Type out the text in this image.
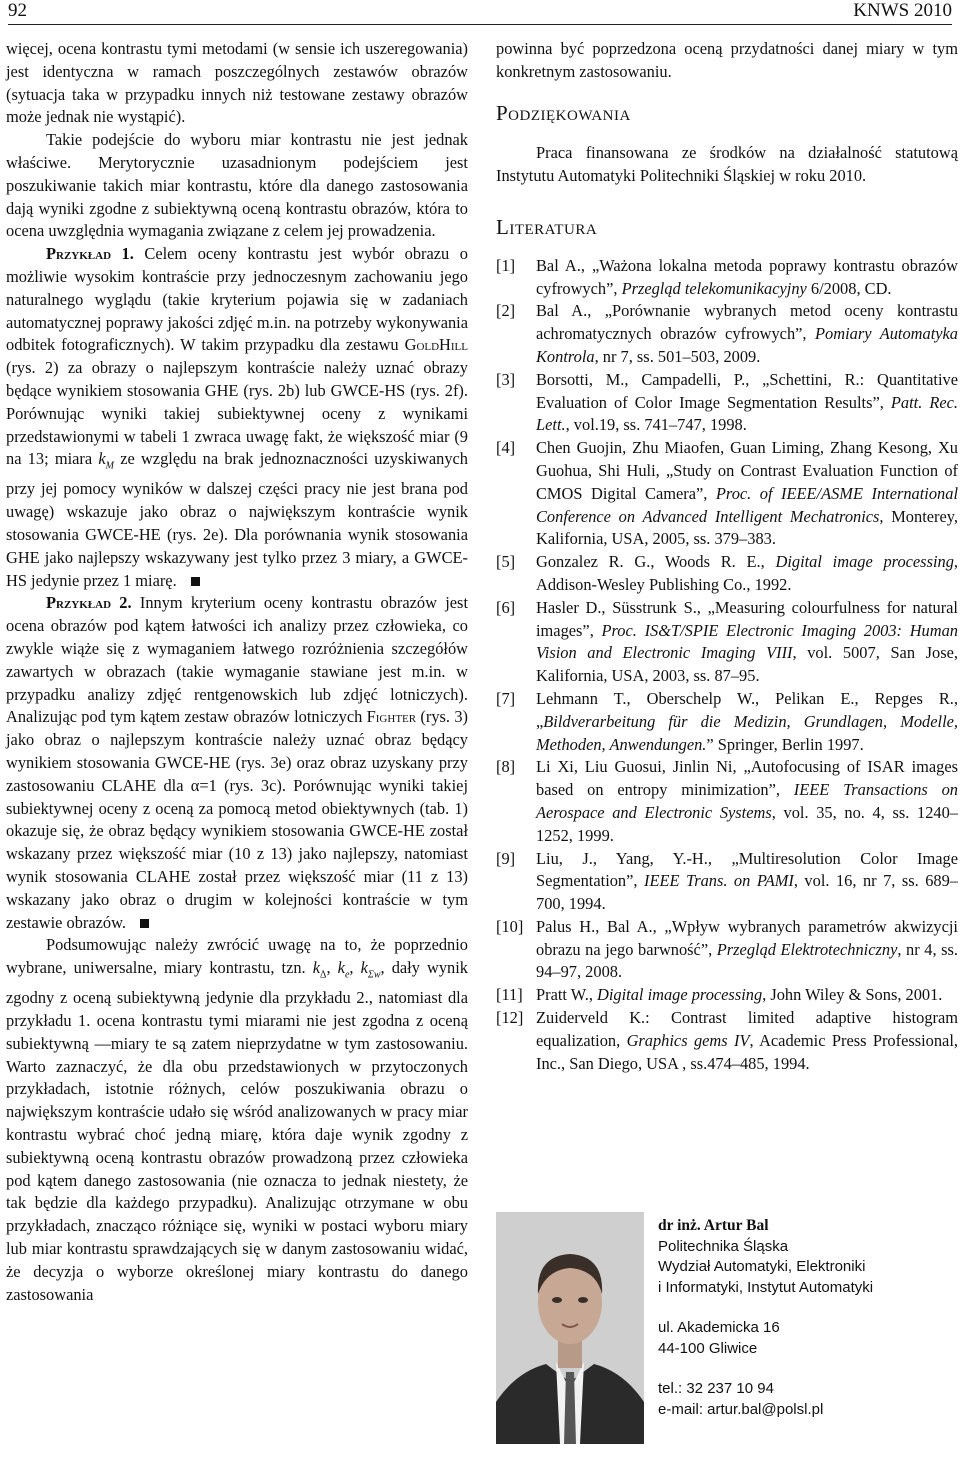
92	KNWS 2010

więcej, ocena kontrastu tymi metodami (w sensie ich uszeregowania) jest identyczna w ramach poszczególnych zestawów obrazów (sytuacja taka w przypadku innych niż testowane zestawy obrazów może jednak nie wystąpić).

Takie podejście do wyboru miar kontrastu nie jest jednak właściwe. Merytorycznie uzasadnionym podejściem jest poszukiwanie takich miar kontrastu, które dla danego zastosowania dają wyniki zgodne z subiektywną oceną kontrastu obrazów, która to ocena uwzględnia wymagania związane z celem jej prowadzenia.

Przykład 1. Celem oceny kontrastu jest wybór obrazu o możliwie wysokim kontraście przy jednoczesnym zachowaniu jego naturalnego wyglądu (takie kryterium pojawia się w zadaniach automatycznej poprawy jakości zdjęć m.in. na potrzeby wykonywania odbitek fotograficznych). W takim przypadku dla zestawu GoldHill (rys. 2) za obrazy o najlepszym kontraście należy uznać obrazy będące wynikiem stosowania GHE (rys. 2b) lub GWCE-HS (rys. 2f). Porównując wyniki takiej subiektywnej oceny z wynikami przedstawionymi w tabeli 1 zwraca uwagę fakt, że większość miar (9 na 13; miara $k_M$ ze względu na brak jednoznaczności uzyskiwanych przy jej pomocy wyników w dalszej części pracy nie jest brana pod uwagę) wskazuje jako obraz o największym kontraście wynik stosowania GWCE-HE (rys. 2e). Dla porównania wynik stosowania GHE jako najlepszy wskazywany jest tylko przez 3 miary, a GWCE-HS jedynie przez 1 miarę.

Przykład 2. Innym kryterium oceny kontrastu obrazów jest ocena obrazów pod kątem łatwości ich analizy przez człowieka, co zwykle wiąże się z wymaganiem łatwego rozróżnienia szczegółów zawartych w obrazach (takie wymaganie stawiane jest m.in. w przypadku analizy zdjęć rentgenowskich lub zdjęć lotniczych). Analizując pod tym kątem zestaw obrazów lotniczych Fighter (rys. 3) jako obraz o najlepszym kontraście należy uznać obraz będący wynikiem stosowania GWCE-HE (rys. 3e) oraz obraz uzyskany przy zastosowaniu CLAHE dla α=1 (rys. 3c). Porównując wyniki takiej subiektywnej oceny z oceną za pomocą metod obiektywnych (tab. 1) okazuje się, że obraz będący wynikiem stosowania GWCE-HE został wskazany przez większość miar (10 z 13) jako najlepszy, natomiast wynik stosowania CLAHE został przez większość miar (11 z 13) wskazany jako obraz o drugim w kolejności kontraście w tym zestawie obrazów.

Podsumowując należy zwrócić uwagę na to, że poprzednio wybrane, uniwersalne, miary kontrastu, tzn. $k_\Delta$, $k_e$, $k_{\Sigma w}$, dały wynik zgodny z oceną subiektywną jedynie dla przykładu 2., natomiast dla przykładu 1. ocena kontrastu tymi miarami nie jest zgodna z oceną subiektywną —miary te są zatem nieprzydatne w tym zastosowaniu. Warto zaznaczyć, że dla obu przedstawionych w przytoczonych przykładach, istotnie różnych, celów poszukiwania obrazu o największym kontraście udało się wśród analizowanych w pracy miar kontrastu wybrać choć jedną miarę, która daje wynik zgodny z subiektywną oceną kontrastu obrazów prowadzoną przez człowieka pod kątem danego zastosowania (nie oznacza to jednak niestety, że tak będzie dla każdego przypadku). Analizując otrzymane w obu przykładach, znacząco różniące się, wyniki w postaci wyboru miary lub miar kontrastu sprawdzających się w danym zastosowaniu widać, że decyzja o wyborze określonej miary kontrastu do danego zastosowania

powinna być poprzedzona oceną przydatności danej miary w tym konkretnym zastosowaniu.

Podziękowania

Praca finansowana ze środków na działalność statutową Instytutu Automatyki Politechniki Śląskiej w roku 2010.

Literatura

[1] Bal A., „Ważona lokalna metoda poprawy kontrastu obrazów cyfrowych”, Przegląd telekomunikacyjny 6/2008, CD.

[2] Bal A., „Porównanie wybranych metod oceny kontrastu achromatycznych obrazów cyfrowych”, Pomiary Automatyka Kontrola, nr 7, ss. 501–503, 2009.

[3] Borsotti, M., Campadelli, P., „Schettini, R.: Quantitative Evaluation of Color Image Segmentation Results”, Patt. Rec. Lett., vol.19, ss. 741–747, 1998.

[4] Chen Guojin, Zhu Miaofen, Guan Liming, Zhang Kesong, Xu Guohua, Shi Huli, „Study on Contrast Evaluation Function of CMOS Digital Camera”, Proc. of IEEE/ASME International Conference on Advanced Intelligent Mechatronics, Monterey, Kalifornia, USA, 2005, ss. 379–383.

[5] Gonzalez R. G., Woods R. E., Digital image processing, Addison-Wesley Publishing Co., 1992.

[6] Hasler D., Süsstrunk S., „Measuring colourfulness for natural images”, Proc. IS&T/SPIE Electronic Imaging 2003: Human Vision and Electronic Imaging VIII, vol. 5007, San Jose, Kalifornia, USA, 2003, ss. 87–95.

[7] Lehmann T., Oberschelp W., Pelikan E., Repges R., „Bildverarbeitung für die Medizin, Grundlagen, Modelle, Methoden, Anwendungen.” Springer, Berlin 1997.

[8] Li Xi, Liu Guosui, Jinlin Ni, „Autofocusing of ISAR images based on entropy minimization”, IEEE Transactions on Aerospace and Electronic Systems, vol. 35, no. 4, ss. 1240–1252, 1999.

[9] Liu, J., Yang, Y.-H., „Multiresolution Color Image Segmentation”, IEEE Trans. on PAMI, vol. 16, nr 7, ss. 689–700, 1994.

[10] Palus H., Bal A., „Wpływ wybranych parametrów akwizycji obrazu na jego barwność”, Przegląd Elektrotechniczny, nr 4, ss. 94–97, 2008.

[11] Pratt W., Digital image processing, John Wiley & Sons, 2001.

[12] Zuiderveld K.: Contrast limited adaptive histogram equalization, Graphics gems IV, Academic Press Professional, Inc., San Diego, USA , ss.474–485, 1994.

dr inż. Artur Bal
Politechnika Śląska
Wydział Automatyki, Elektroniki
i Informatyki, Instytut Automatyki
ul. Akademicka 16
44-100 Gliwice
tel.: 32 237 10 94
e-mail: artur.bal@polsl.pl
